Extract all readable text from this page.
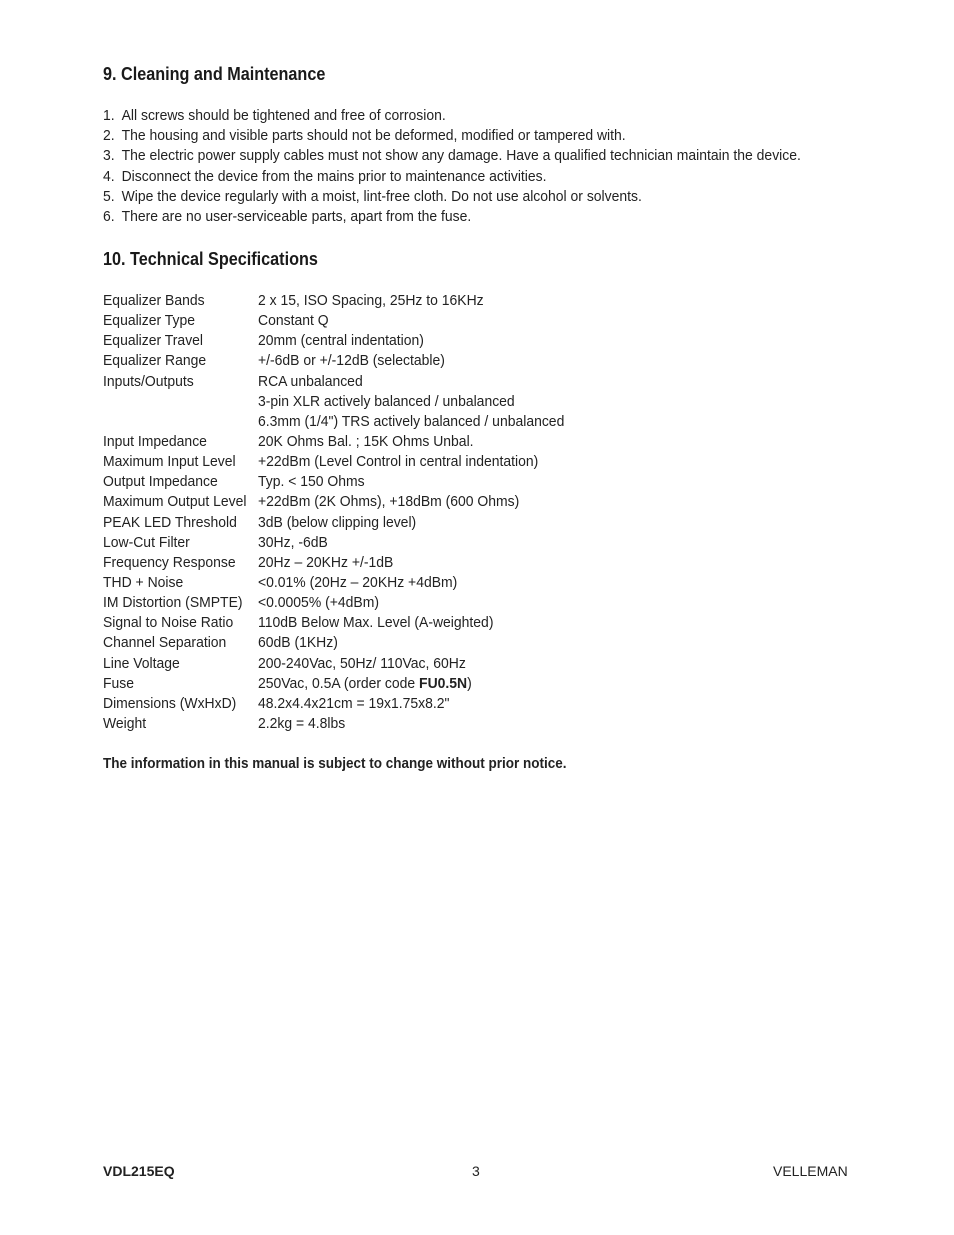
9. Cleaning and Maintenance
1. All screws should be tightened and free of corrosion.
2. The housing and visible parts should not be deformed, modified or tampered with.
3. The electric power supply cables must not show any damage. Have a qualified technician maintain the device.
4. Disconnect the device from the mains prior to maintenance activities.
5. Wipe the device regularly with a moist, lint-free cloth. Do not use alcohol or solvents.
6. There are no user-serviceable parts, apart from the fuse.
10. Technical Specifications
Equalizer Bands	2 x 15, ISO Spacing, 25Hz to 16KHz
Equalizer Type	Constant Q
Equalizer Travel	20mm (central indentation)
Equalizer Range	+/-6dB or +/-12dB (selectable)
Inputs/Outputs	RCA unbalanced
3-pin XLR actively balanced / unbalanced
6.3mm (1/4") TRS actively balanced / unbalanced
Input Impedance	20K Ohms Bal. ; 15K Ohms Unbal.
Maximum Input Level +22dBm (Level Control in central indentation)
Output Impedance	Typ. < 150 Ohms
Maximum Output Level +22dBm (2K Ohms), +18dBm (600 Ohms)
PEAK LED Threshold 3dB (below clipping level)
Low-Cut Filter	30Hz, -6dB
Frequency Response 20Hz – 20KHz +/-1dB
THD + Noise	<0.01% (20Hz – 20KHz +4dBm)
IM Distortion (SMPTE) <0.0005% (+4dBm)
Signal to Noise Ratio 110dB Below Max. Level (A-weighted)
Channel Separation 60dB (1KHz)
Line Voltage	200-240Vac, 50Hz/ 110Vac, 60Hz
Fuse	250Vac, 0.5A (order code FU0.5N)
Dimensions (WxHxD) 48.2x4.4x21cm = 19x1.75x8.2"
Weight	2.2kg = 4.8lbs
The information in this manual is subject to change without prior notice.
VDL215EQ	3	VELLEMAN
